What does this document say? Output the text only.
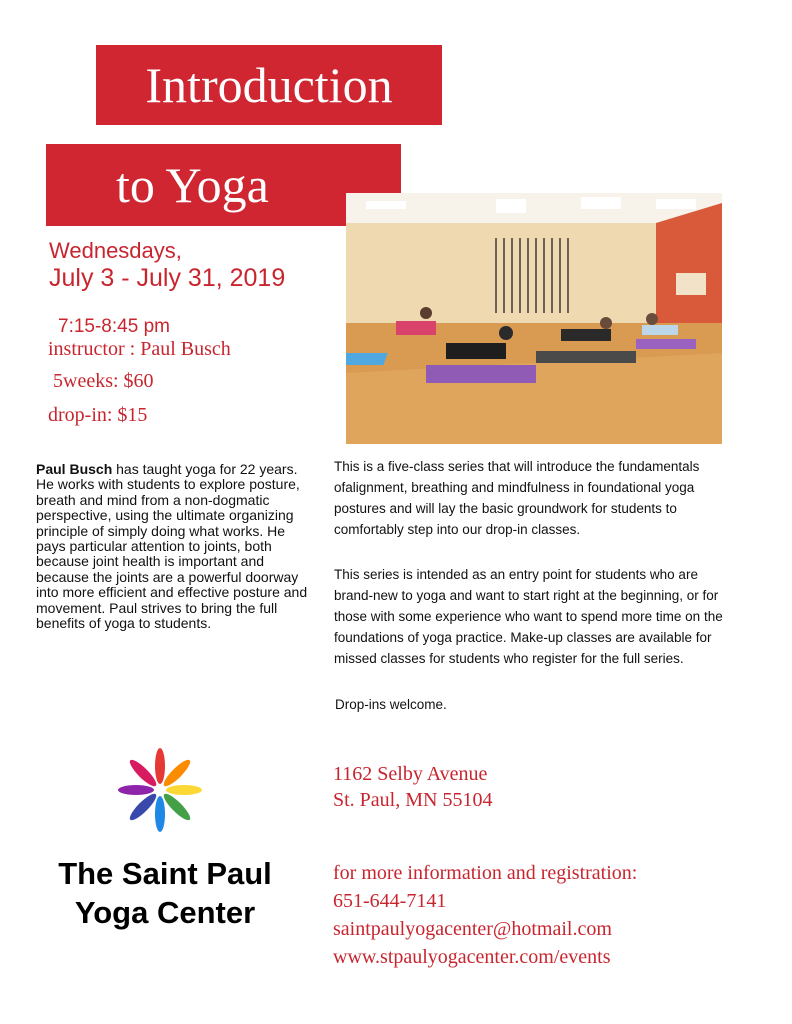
Introduction
to Yoga
Wednesdays,
July 3 - July 31, 2019
7:15-8:45 pm
instructor : Paul Busch
5weeks: $60
drop-in: $15
Paul Busch has taught yoga for 22 years. He works with students to explore posture, breath and mind from a non-dogmatic perspective, using the ultimate organizing principle of simply doing what works. He pays particular attention to joints, both because joint health is important and because the joints are a powerful doorway into more efficient and effective posture and movement. Paul strives to bring the full benefits of yoga to students.
This is a five-class series that will introduce the fundamentals ofalignment, breathing and mindfulness in foundational yoga postures and will lay the basic groundwork for students to comfortably step into our drop-in classes.
This series is intended as an entry point for students who are brand-new to yoga and want to start right at the beginning, or for those with some experience who want to spend more time on the foundations of yoga practice. Make-up classes are available for missed classes for students who register for the full series.
Drop-ins welcome.
The Saint Paul
Yoga Center
1162 Selby Avenue
St. Paul, MN 55104
for more information and registration:
651-644-7141
saintpaulyogacenter@hotmail.com
www.stpaulyogacenter.com/events
